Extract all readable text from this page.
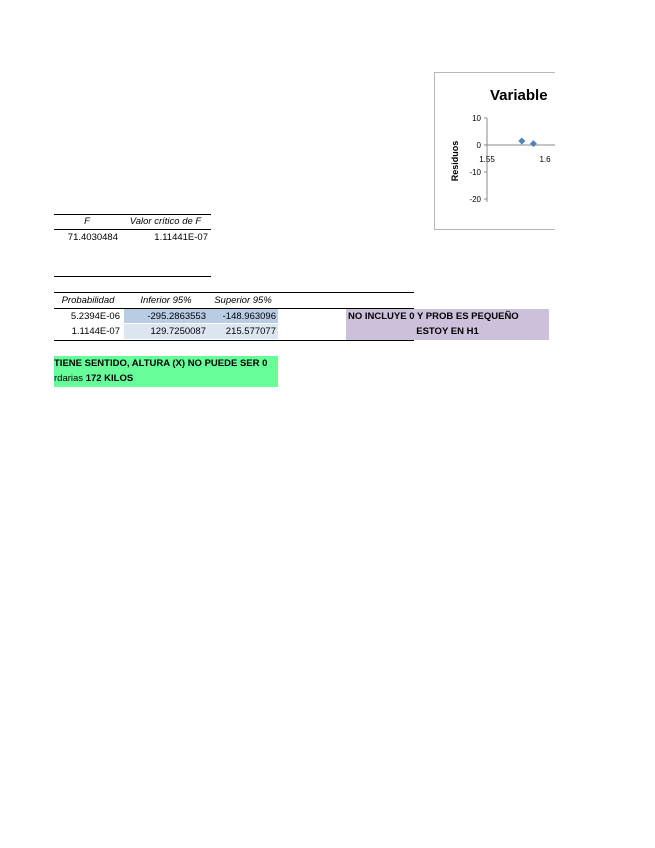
F	Valor crítico de F
71.4030484	1.11441E-07
Probabilidad	Inferior 95%	Superior 95%
5.2394E-06	-295.2863553	-148.963096
1.1144E-07	129.7250087	215.577077
NO INCLUYE 0 Y PROB ES PEQUEÑO
ESTOY EN H1
TIENE SENTIDO, ALTURA (X) NO PUEDE SER 0
rdarias 172 KILOS
Variable
Residuos
10
0
-10
-20
1.55	1.6
